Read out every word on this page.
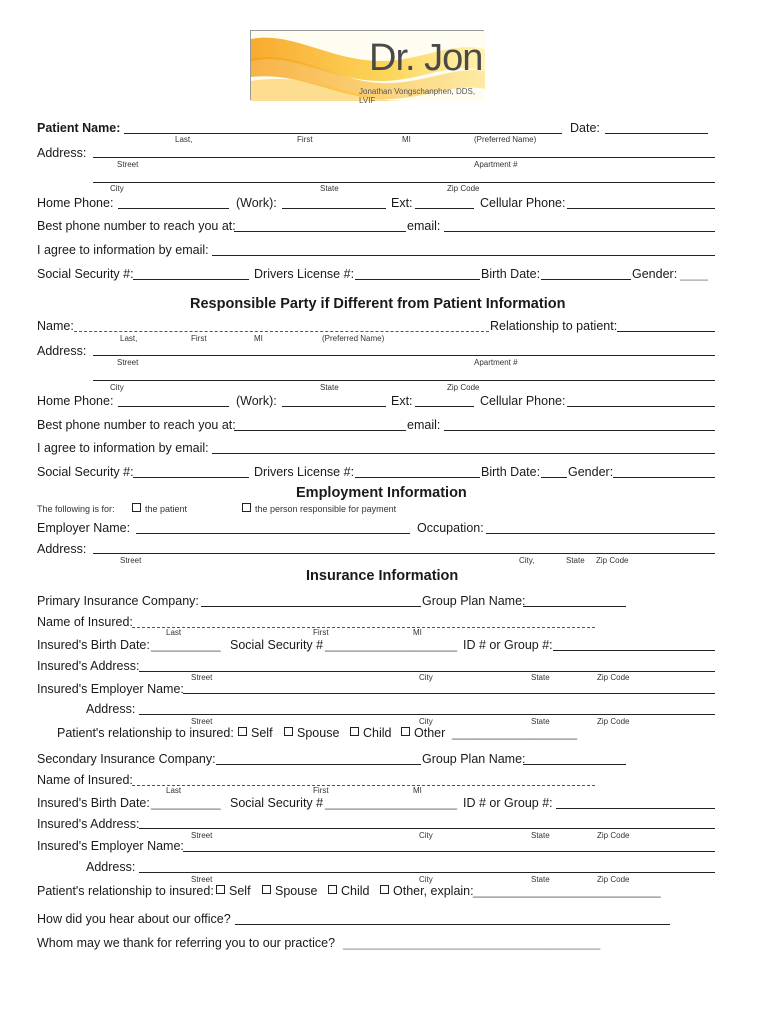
Dr. Jon
Jonathan Vongschanphen, DDS, LVIF
Patient Name:	Date:
Last,	First	MI	(Preferred Name)
Address:
Street	Apartment #
City	State	Zip Code
Home Phone:	(Work):	Ext:	Cellular Phone:
Best phone number to reach you at:	email:
I agree to information by email:
Social Security #:	Drivers License #:	Birth Date:	Gender: ____
Responsible Party if Different from Patient Information
Name:	Relationship to patient:
Last,	First	MI	(Preferred Name)
Address:
Street	Apartment #
City	State	Zip Code
Home Phone:	(Work):	Ext:	Cellular Phone:
Best phone number to reach you at:	email:
I agree to information by email:
Social Security #:	Drivers License #:	Birth Date: Gender:
Employment Information
The following is for:	the patient	the person responsible for payment
Employer Name:	Occupation:
Address:
Street	City,	State Zip Code
Insurance Information
Primary Insurance Company:	Group Plan Name:
Name of Insured:
Last	First	MI
Insured's Birth Date: __________ Social Security # ___________________ ID # or Group #:
Insured's Address:
Street	City	State	Zip Code
Insured's Employer Name:
Address:
Street	City	State	Zip Code
Patient's relationship to insured: Self Spouse Child Other __________________
Secondary Insurance Company:	Group Plan Name:
Name of Insured:
Last	First	MI
Insured's Birth Date: __________ Social Security # ___________________ ID # or Group #:
Insured's Address:
Street	City	State	Zip Code
Insured's Employer Name:
Address:
Street	City	State	Zip Code
Patient's relationship to insured: Self Spouse Child Other, explain: ___________________________
How did you hear about our office?
Whom may we thank for referring you to our practice? _____________________________________
